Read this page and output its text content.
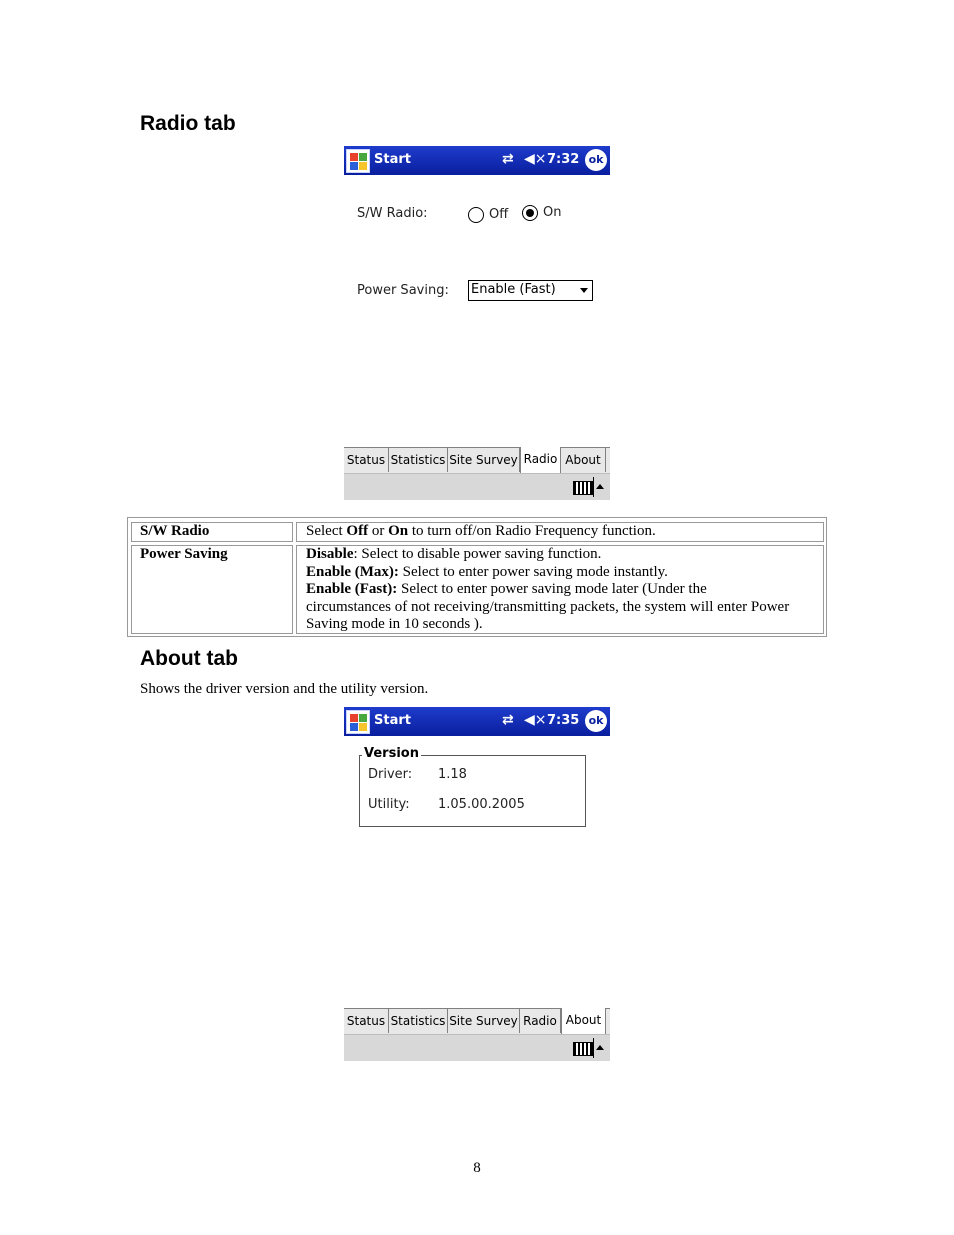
Radio tab
Start	⇄ ◀× 7:32 ok
S/W Radio:	Off	On
Power Saving: Enable (Fast)
Status Statistics Site Survey Radio About
S/W Radio	Select Off or On to turn off/on Radio Frequency function.
Power Saving	Disable: Select to disable power saving function.
Enable (Max): Select to enter power saving mode instantly.
Enable (Fast): Select to enter power saving mode later (Under the
circumstances of not receiving/transmitting packets, the system will enter Power
Saving mode in 10 seconds ).
About tab
Shows the driver version and the utility version.
Start	⇄ ◀× 7:35 ok
Version
Driver: 1.18
Utility: 1.05.00.2005
Status Statistics Site Survey Radio About
8
